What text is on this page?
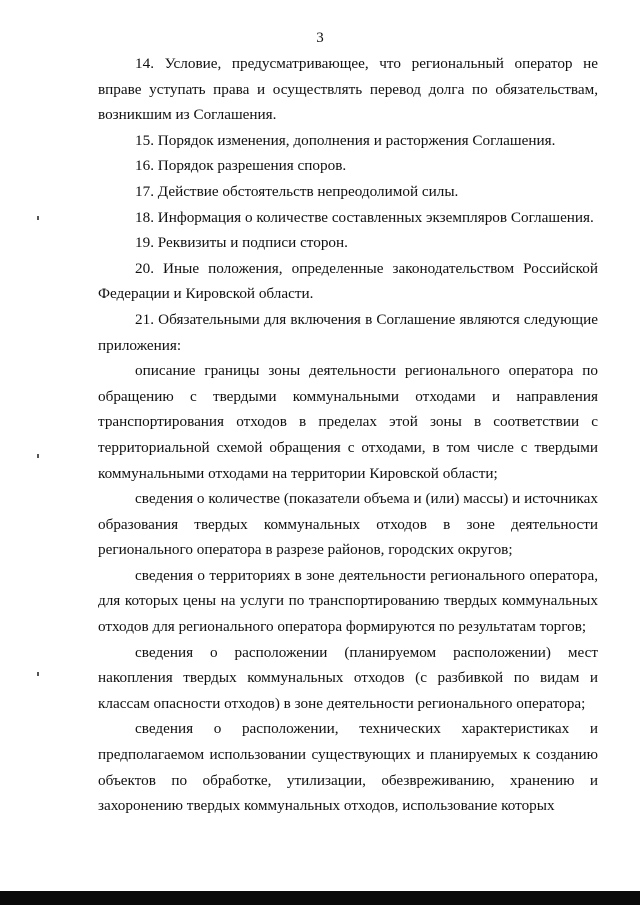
3

14. Условие, предусматривающее, что региональный оператор не вправе уступать права и осуществлять перевод долга по обязательствам, возникшим из Соглашения.

15. Порядок изменения, дополнения и расторжения Соглашения.

16. Порядок разрешения споров.

17. Действие обстоятельств непреодолимой силы.

18. Информация о количестве составленных экземпляров Соглашения.

19. Реквизиты и подписи сторон.

20. Иные положения, определенные законодательством Российской Федерации и Кировской области.

21. Обязательными для включения в Соглашение являются следующие приложения:

описание границы зоны деятельности регионального оператора по обращению с твердыми коммунальными отходами и направления транспортирования отходов в пределах этой зоны в соответствии с территориальной схемой обращения с отходами, в том числе с твердыми коммунальными отходами на территории Кировской области;

сведения о количестве (показатели объема и (или) массы) и источниках образования твердых коммунальных отходов в зоне деятельности регионального оператора в разрезе районов, городских округов;

сведения о территориях в зоне деятельности регионального оператора, для которых цены на услуги по транспортированию твердых коммунальных отходов для регионального оператора формируются по результатам торгов;

сведения о расположении (планируемом расположении) мест накопления твердых коммунальных отходов (с разбивкой по видам и классам опасности отходов) в зоне деятельности регионального оператора;

сведения о расположении, технических характеристиках и предполагаемом использовании существующих и планируемых к созданию объектов по обработке, утилизации, обезвреживанию, хранению и захоронению твердых коммунальных отходов, использование которых
